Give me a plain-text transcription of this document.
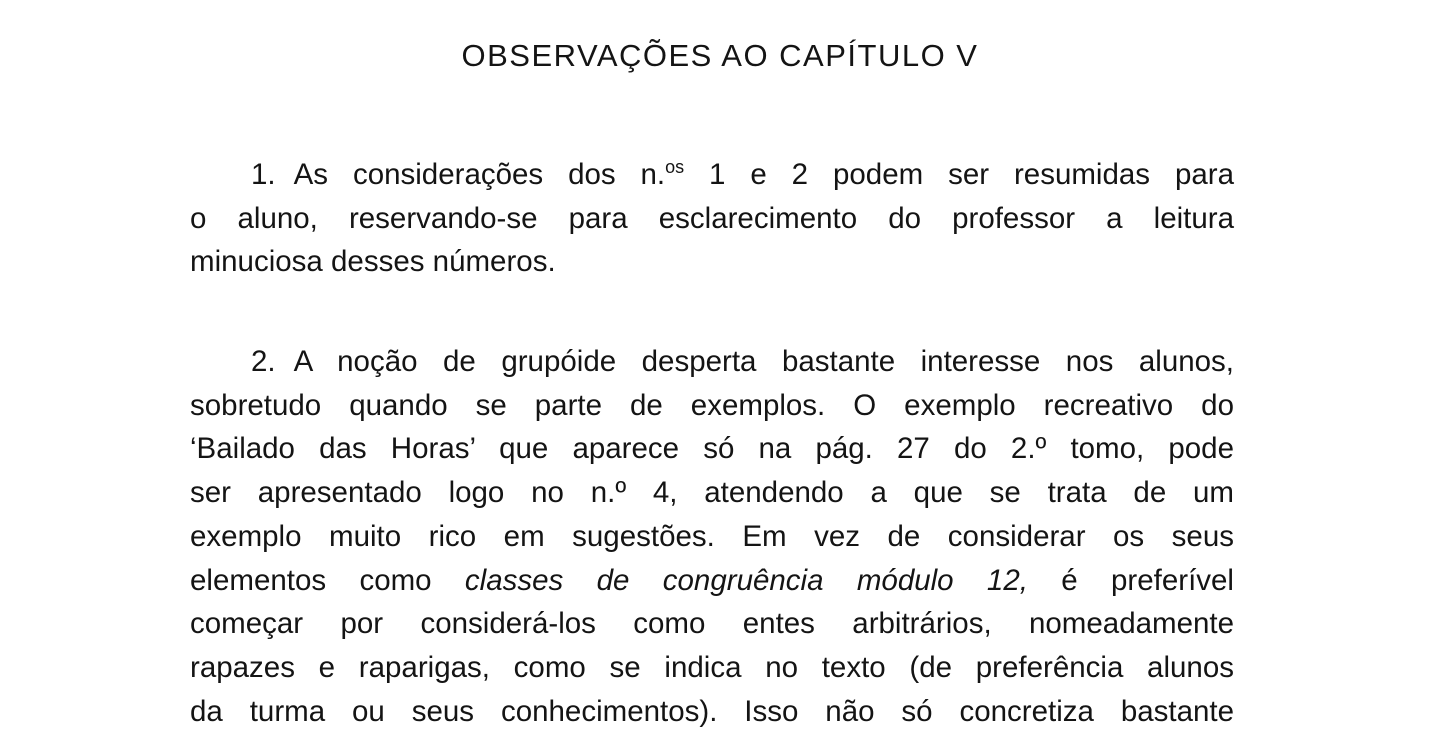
OBSERVAÇÕES AO CAPÍTULO V
1. As considerações dos n.$^{os}$ 1 e 2 podem ser resumidas para
o aluno, reservando-se para esclarecimento do professor a leitura
minuciosa desses números.
2. A noção de grupóide desperta bastante interesse nos alunos,
sobretudo quando se parte de exemplos. O exemplo recreativo do
‘Bailado das Horas’ que aparece só na pág. 27 do 2.º tomo, pode
ser apresentado logo no n.º 4, atendendo a que se trata de um
exemplo muito rico em sugestões. Em vez de considerar os seus
elementos como classes de congruência módulo 12, é preferível
começar por considerá-los como entes arbitrários, nomeadamente
rapazes e raparigas, como se indica no texto (de preferência alunos
da turma ou seus conhecimentos). Isso não só concretiza bastante
